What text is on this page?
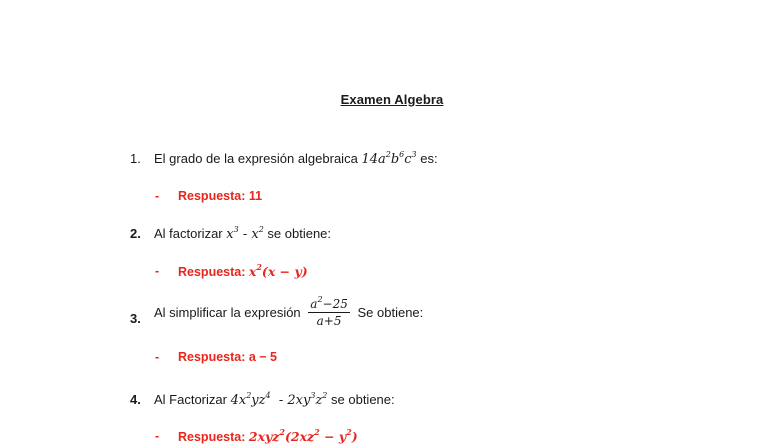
Examen Algebra
1. El grado de la expresión algebraica $14a^2b^6c^3$ es:
- Respuesta: 11
2. Al factorizar $x^3 - x^2$ se obtiene:
- Respuesta: $x^2(x - y)$
3. Al simplificar la expresión $\frac{a^2-25}{a+5}$ Se obtiene:
- Respuesta: a − 5
4. Al Factorizar $4x^2yz^4 - 2xy^3z^2$ se obtiene:
- Respuesta: $2xyz^2(2xz^2 - y^2)$
